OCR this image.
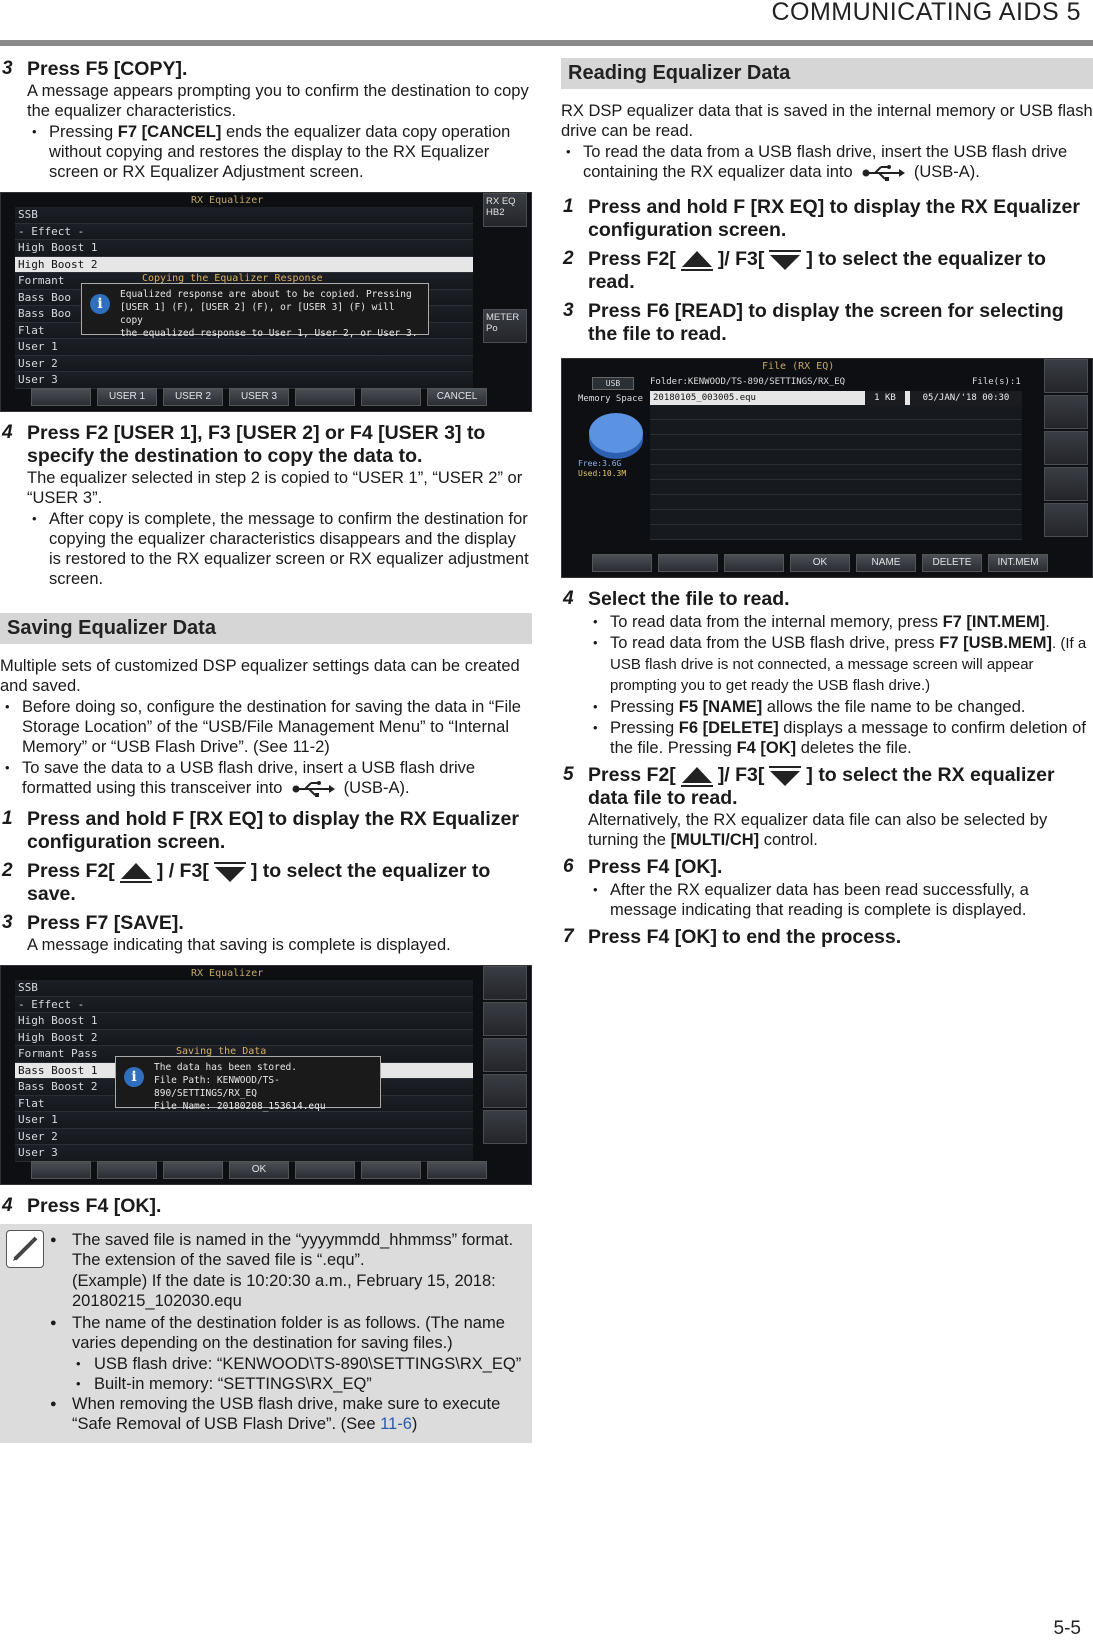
COMMUNICATING AIDS 5
3 Press F5 [COPY].
A message appears prompting you to confirm the destination to copy the equalizer characteristics.
• Pressing F7 [CANCEL] ends the equalizer data copy operation without copying and restores the display to the RX Equalizer screen or RX Equalizer Adjustment screen.
RX Equalizer
SSB
- Effect -
High Boost 1
High Boost 2
Formant
Bass Boo
Bass Boo
Flat
User 1
User 2
User 3
RX EQ
HB2
METER
Po
Copying the Equalizer Response
i
Equalized response are about to be copied. Pressing
[USER 1] (F), [USER 2] (F), or [USER 3] (F) will copy
the equalized response to User 1, User 2, or User 3.
USER 1	USER 2	USER 3	CANCEL
4 Press F2 [USER 1], F3 [USER 2] or F4 [USER 3] to specify the destination to copy the data to.
The equalizer selected in step 2 is copied to “USER 1”, “USER 2” or “USER 3”.
• After copy is complete, the message to confirm the destination for copying the equalizer characteristics disappears and the display is restored to the RX equalizer screen or RX equalizer adjustment screen.
Saving Equalizer Data
Multiple sets of customized DSP equalizer settings data can be created and saved.
• Before doing so, configure the destination for saving the data in “File Storage Location” of the “USB/File Management Menu” to “Internal Memory” or “USB Flash Drive”. (See 11-2)
• To save the data to a USB flash drive, insert a USB flash drive formatted using this transceiver into	(USB-A).
1 Press and hold F [RX EQ] to display the RX Equalizer configuration screen.
2 Press F2[ ] / F3[ ] to select the equalizer to save.
3 Press F7 [SAVE].
A message indicating that saving is complete is displayed.
RX Equalizer
SSB
- Effect -
High Boost 1
High Boost 2
Formant Pass
Bass Boost 1
Bass Boost 2
Flat
User 1
User 2
User 3
Saving the Data
i
The data has been stored.
File Path: KENWOOD/TS-890/SETTINGS/RX_EQ
File Name: 20180208_153614.equ
OK
4 Press F4 [OK].
● The saved file is named in the “yyyymmdd_hhmmss” format. The extension of the saved file is “.equ”.
(Example) If the date is 10:20:30 a.m., February 15, 2018: 20180215_102030.equ
● The name of the destination folder is as follows. (The name varies depending on the destination for saving files.)
• USB flash drive: “KENWOOD\TS-890\SETTINGS\RX_EQ”
• Built-in memory: “SETTINGS\RX_EQ”
● When removing the USB flash drive, make sure to execute “Safe Removal of USB Flash Drive”. (See 11-6)
Reading Equalizer Data
RX DSP equalizer data that is saved in the internal memory or USB flash drive can be read.
• To read the data from a USB flash drive, insert the USB flash drive containing the RX equalizer data into	(USB-A).
1 Press and hold F [RX EQ] to display the RX Equalizer configuration screen.
2 Press F2[ ]/ F3[ ] to select the equalizer to read.
3 Press F6 [READ] to display the screen for selecting the file to read.
File (RX EQ)
USB	Folder:KENWOOD/TS-890/SETTINGS/RX_EQ	File(s):1
Memory Space
Free:3.6G
Used:10.3M
20180105_003005.equ	1 KB	05/JAN/'18 00:30
OK	NAME	DELETE	INT.MEM
4 Select the file to read.
• To read data from the internal memory, press F7 [INT.MEM].
• To read data from the USB flash drive, press F7 [USB.MEM]. (If a USB flash drive is not connected, a message screen will appear prompting you to get ready the USB flash drive.)
• Pressing F5 [NAME] allows the file name to be changed.
• Pressing F6 [DELETE] displays a message to confirm deletion of the file. Pressing F4 [OK] deletes the file.
5 Press F2[ ]/ F3[ ] to select the RX equalizer data file to read.
Alternatively, the RX equalizer data file can also be selected by turning the [MULTI/CH] control.
6 Press F4 [OK].
• After the RX equalizer data has been read successfully, a message indicating that reading is complete is displayed.
7 Press F4 [OK] to end the process.
5-5
